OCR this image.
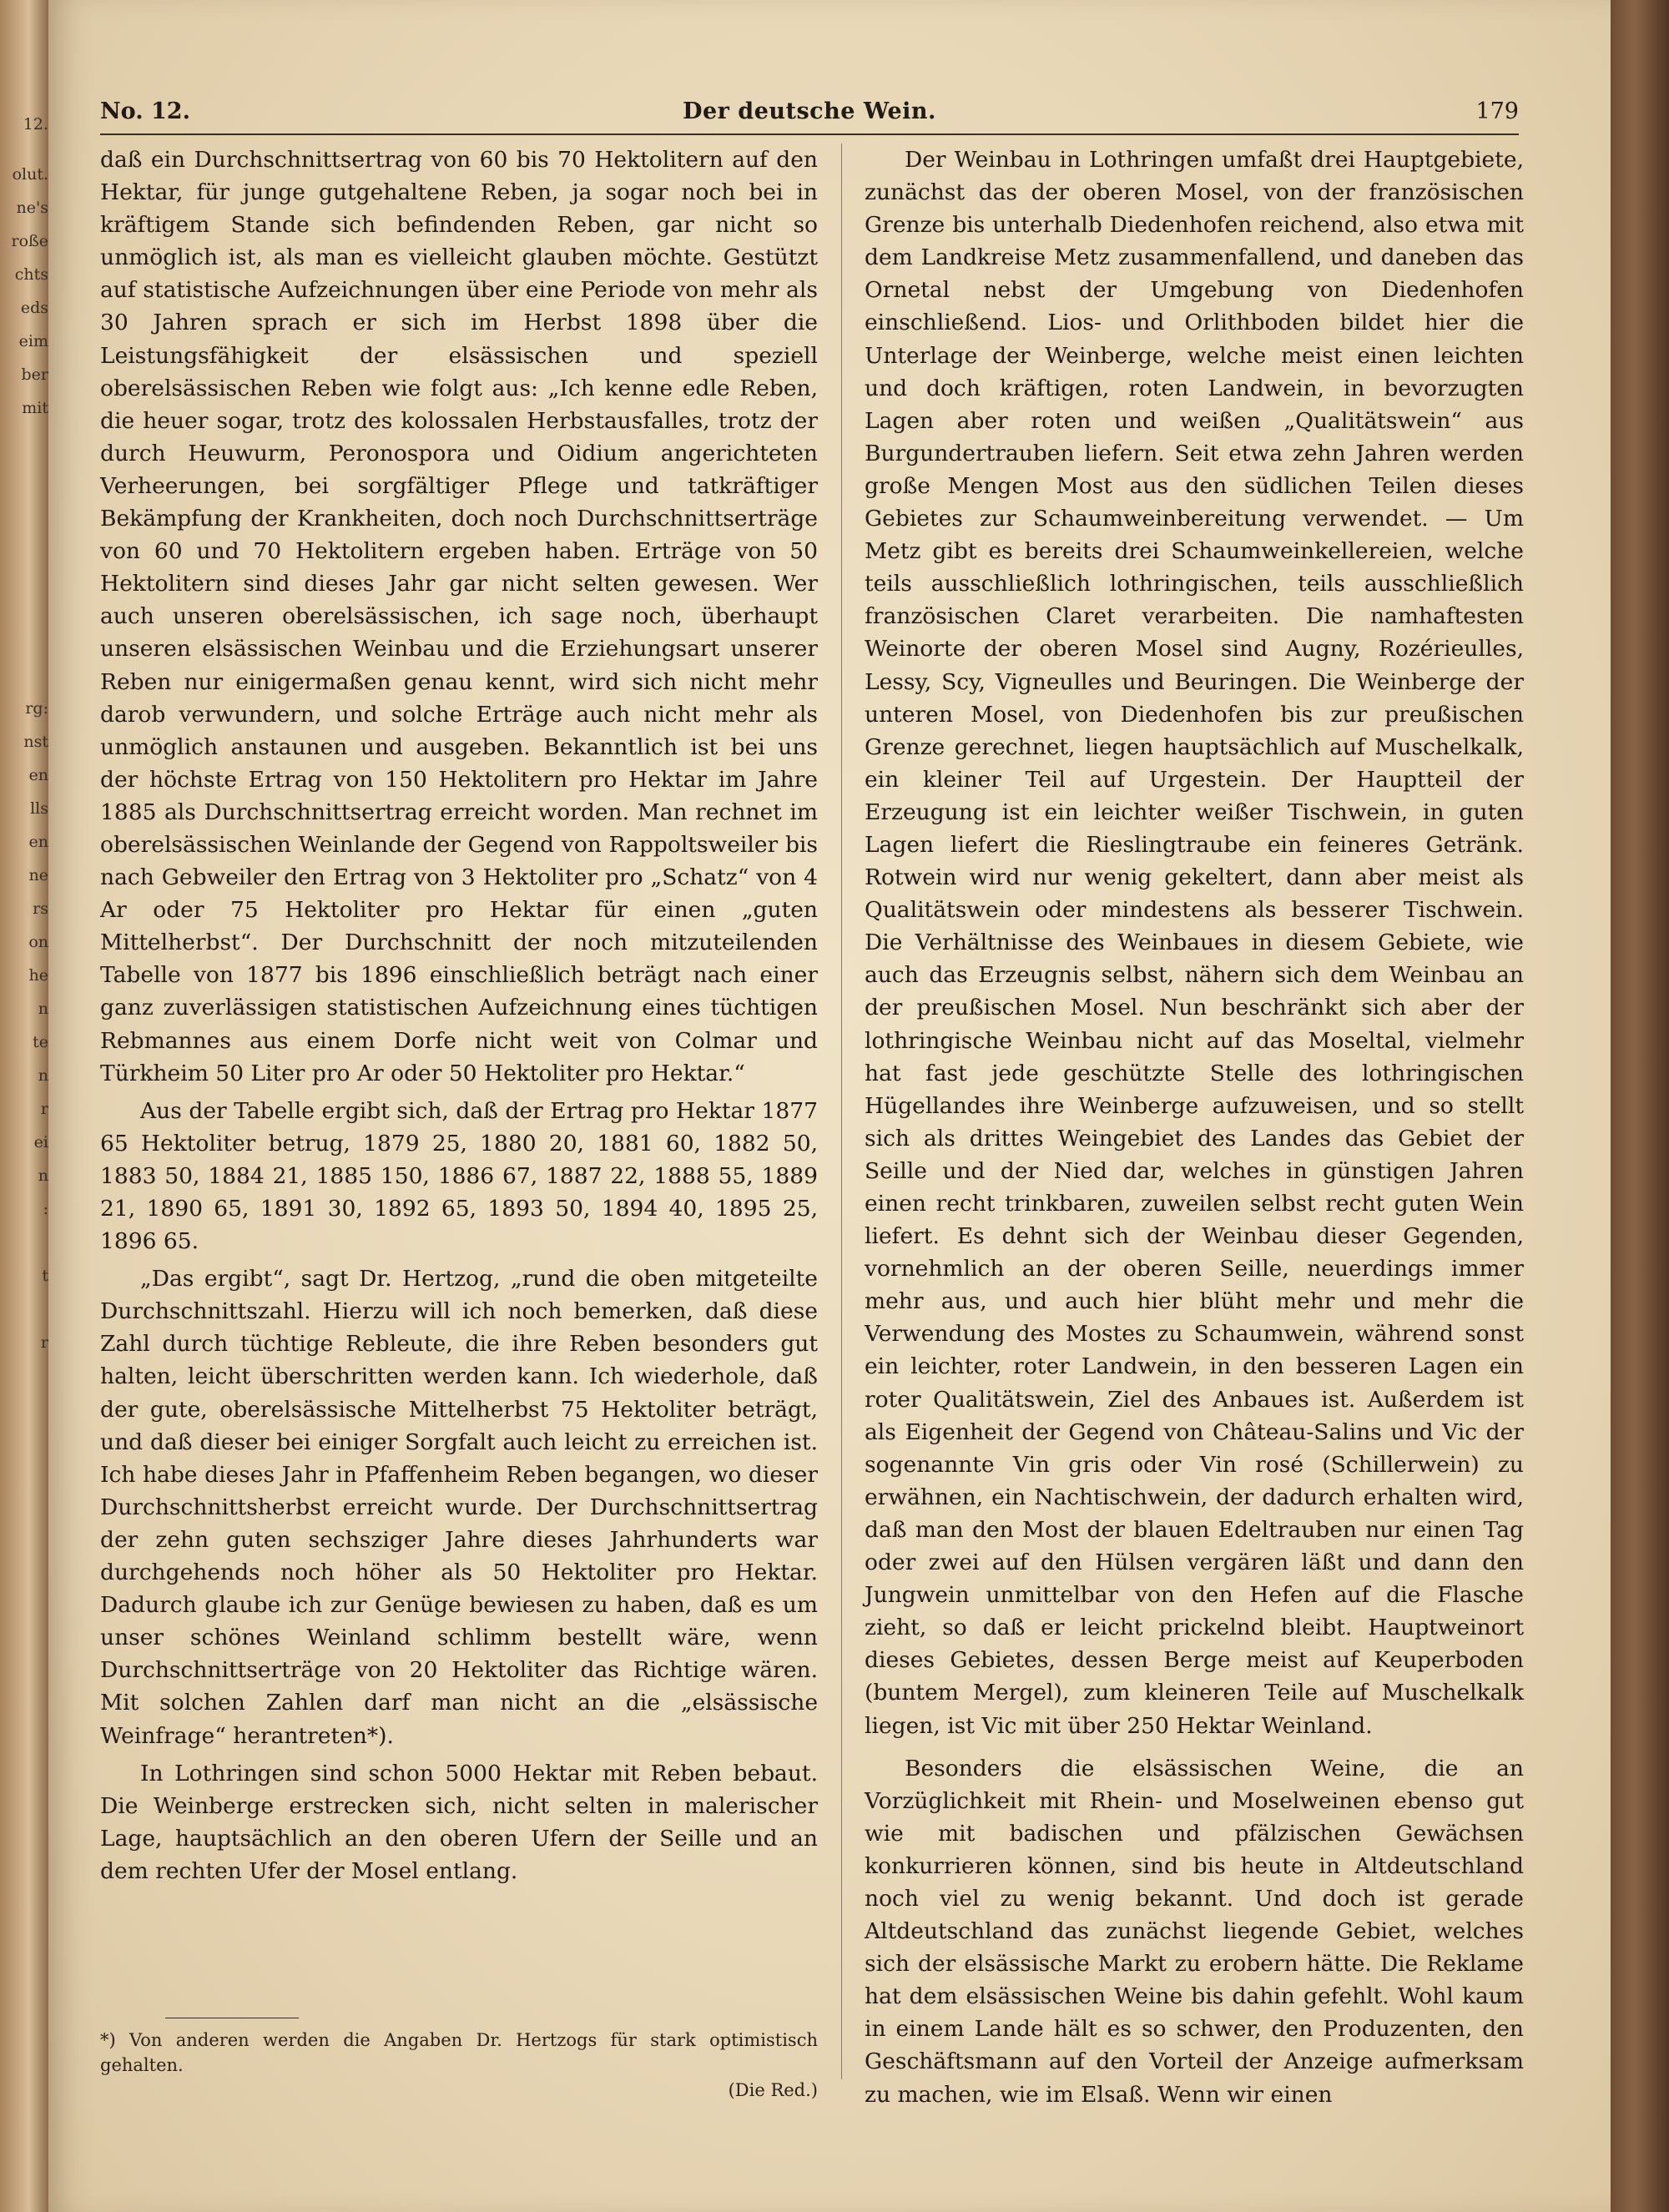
12.
olut.
ne's
roße
chts
eds
eim
ber
mit
rg:
nst
en
lls
en
ne
rs
on
he
n
te
n
r
ei
n
:
t
r
No. 12.	Der deutsche Wein.	179

daß ein Durchschnittsertrag von 60 bis 70 Hektolitern auf den Hektar, für junge gutgehaltene Reben, ja sogar noch bei in kräftigem Stande sich befindenden Reben, gar nicht so unmöglich ist, als man es vielleicht glauben möchte. Gestützt auf statistische Aufzeichnungen über eine Periode von mehr als 30 Jahren sprach er sich im Herbst 1898 über die Leistungsfähigkeit der elsässischen und speziell oberelsässischen Reben wie folgt aus: „Ich kenne edle Reben, die heuer sogar, trotz des kolossalen Herbstausfalles, trotz der durch Heuwurm, Peronospora und Oidium angerichteten Verheerungen, bei sorgfältiger Pflege und tatkräftiger Bekämpfung der Krankheiten, doch noch Durchschnittserträge von 60 und 70 Hektolitern ergeben haben. Erträge von 50 Hektolitern sind dieses Jahr gar nicht selten gewesen. Wer auch unseren oberelsässischen, ich sage noch, überhaupt unseren elsässischen Weinbau und die Erziehungsart unserer Reben nur einigermaßen genau kennt, wird sich nicht mehr darob verwundern, und solche Erträge auch nicht mehr als unmöglich anstaunen und ausgeben. Bekanntlich ist bei uns der höchste Ertrag von 150 Hektolitern pro Hektar im Jahre 1885 als Durchschnittsertrag erreicht worden. Man rechnet im oberelsässischen Weinlande der Gegend von Rappoltsweiler bis nach Gebweiler den Ertrag von 3 Hektoliter pro „Schatz“ von 4 Ar oder 75 Hektoliter pro Hektar für einen „guten Mittelherbst“. Der Durchschnitt der noch mitzuteilenden Tabelle von 1877 bis 1896 einschließlich beträgt nach einer ganz zuverlässigen statistischen Aufzeichnung eines tüchtigen Rebmannes aus einem Dorfe nicht weit von Colmar und Türkheim 50 Liter pro Ar oder 50 Hektoliter pro Hektar.“

Aus der Tabelle ergibt sich, daß der Ertrag pro Hektar 1877 65 Hektoliter betrug, 1879 25, 1880 20, 1881 60, 1882 50, 1883 50, 1884 21, 1885 150, 1886 67, 1887 22, 1888 55, 1889 21, 1890 65, 1891 30, 1892 65, 1893 50, 1894 40, 1895 25, 1896 65.

„Das ergibt“, sagt Dr. Hertzog, „rund die oben mitgeteilte Durchschnittszahl. Hierzu will ich noch bemerken, daß diese Zahl durch tüchtige Rebleute, die ihre Reben besonders gut halten, leicht überschritten werden kann. Ich wiederhole, daß der gute, oberelsässische Mittelherbst 75 Hektoliter beträgt, und daß dieser bei einiger Sorgfalt auch leicht zu erreichen ist. Ich habe dieses Jahr in Pfaffenheim Reben begangen, wo dieser Durchschnittsherbst erreicht wurde. Der Durchschnittsertrag der zehn guten sechsziger Jahre dieses Jahrhunderts war durchgehends noch höher als 50 Hektoliter pro Hektar. Dadurch glaube ich zur Genüge bewiesen zu haben, daß es um unser schönes Weinland schlimm bestellt wäre, wenn Durchschnittserträge von 20 Hektoliter das Richtige wären. Mit solchen Zahlen darf man nicht an die „elsässische Weinfrage“ herantreten*).

In Lothringen sind schon 5000 Hektar mit Reben bebaut. Die Weinberge erstrecken sich, nicht selten in malerischer Lage, hauptsächlich an den oberen Ufern der Seille und an dem rechten Ufer der Mosel entlang.

*) Von anderen werden die Angaben Dr. Hertzogs für stark optimistisch gehalten.
(Die Red.)

Der Weinbau in Lothringen umfaßt drei Hauptgebiete, zunächst das der oberen Mosel, von der französischen Grenze bis unterhalb Diedenhofen reichend, also etwa mit dem Landkreise Metz zusammenfallend, und daneben das Ornetal nebst der Umgebung von Diedenhofen einschließend. Lios- und Orlithboden bildet hier die Unterlage der Weinberge, welche meist einen leichten und doch kräftigen, roten Landwein, in bevorzugten Lagen aber roten und weißen „Qualitätswein“ aus Burgundertrauben liefern. Seit etwa zehn Jahren werden große Mengen Most aus den südlichen Teilen dieses Gebietes zur Schaumweinbereitung verwendet. — Um Metz gibt es bereits drei Schaumweinkellereien, welche teils ausschließlich lothringischen, teils ausschließlich französischen Claret verarbeiten. Die namhaftesten Weinorte der oberen Mosel sind Augny, Rozérieulles, Lessy, Scy, Vigneulles und Beuringen. Die Weinberge der unteren Mosel, von Diedenhofen bis zur preußischen Grenze gerechnet, liegen hauptsächlich auf Muschelkalk, ein kleiner Teil auf Urgestein. Der Hauptteil der Erzeugung ist ein leichter weißer Tischwein, in guten Lagen liefert die Rieslingtraube ein feineres Getränk. Rotwein wird nur wenig gekeltert, dann aber meist als Qualitätswein oder mindestens als besserer Tischwein. Die Verhältnisse des Weinbaues in diesem Gebiete, wie auch das Erzeugnis selbst, nähern sich dem Weinbau an der preußischen Mosel. Nun beschränkt sich aber der lothringische Weinbau nicht auf das Moseltal, vielmehr hat fast jede geschützte Stelle des lothringischen Hügellandes ihre Weinberge aufzuweisen, und so stellt sich als drittes Weingebiet des Landes das Gebiet der Seille und der Nied dar, welches in günstigen Jahren einen recht trinkbaren, zuweilen selbst recht guten Wein liefert. Es dehnt sich der Weinbau dieser Gegenden, vornehmlich an der oberen Seille, neuerdings immer mehr aus, und auch hier blüht mehr und mehr die Verwendung des Mostes zu Schaumwein, während sonst ein leichter, roter Landwein, in den besseren Lagen ein roter Qualitätswein, Ziel des Anbaues ist. Außerdem ist als Eigenheit der Gegend von Château-Salins und Vic der sogenannte Vin gris oder Vin rosé (Schillerwein) zu erwähnen, ein Nachtischwein, der dadurch erhalten wird, daß man den Most der blauen Edeltrauben nur einen Tag oder zwei auf den Hülsen vergären läßt und dann den Jungwein unmittelbar von den Hefen auf die Flasche zieht, so daß er leicht prickelnd bleibt. Hauptweinort dieses Gebietes, dessen Berge meist auf Keuperboden (buntem Mergel), zum kleineren Teile auf Muschelkalk liegen, ist Vic mit über 250 Hektar Weinland.

Besonders die elsässischen Weine, die an Vorzüglichkeit mit Rhein- und Moselweinen ebenso gut wie mit badischen und pfälzischen Gewächsen konkurrieren können, sind bis heute in Altdeutschland noch viel zu wenig bekannt. Und doch ist gerade Altdeutschland das zunächst liegende Gebiet, welches sich der elsässische Markt zu erobern hätte. Die Reklame hat dem elsässischen Weine bis dahin gefehlt. Wohl kaum in einem Lande hält es so schwer, den Produzenten, den Geschäftsmann auf den Vorteil der Anzeige aufmerksam zu machen, wie im Elsaß. Wenn wir einen
